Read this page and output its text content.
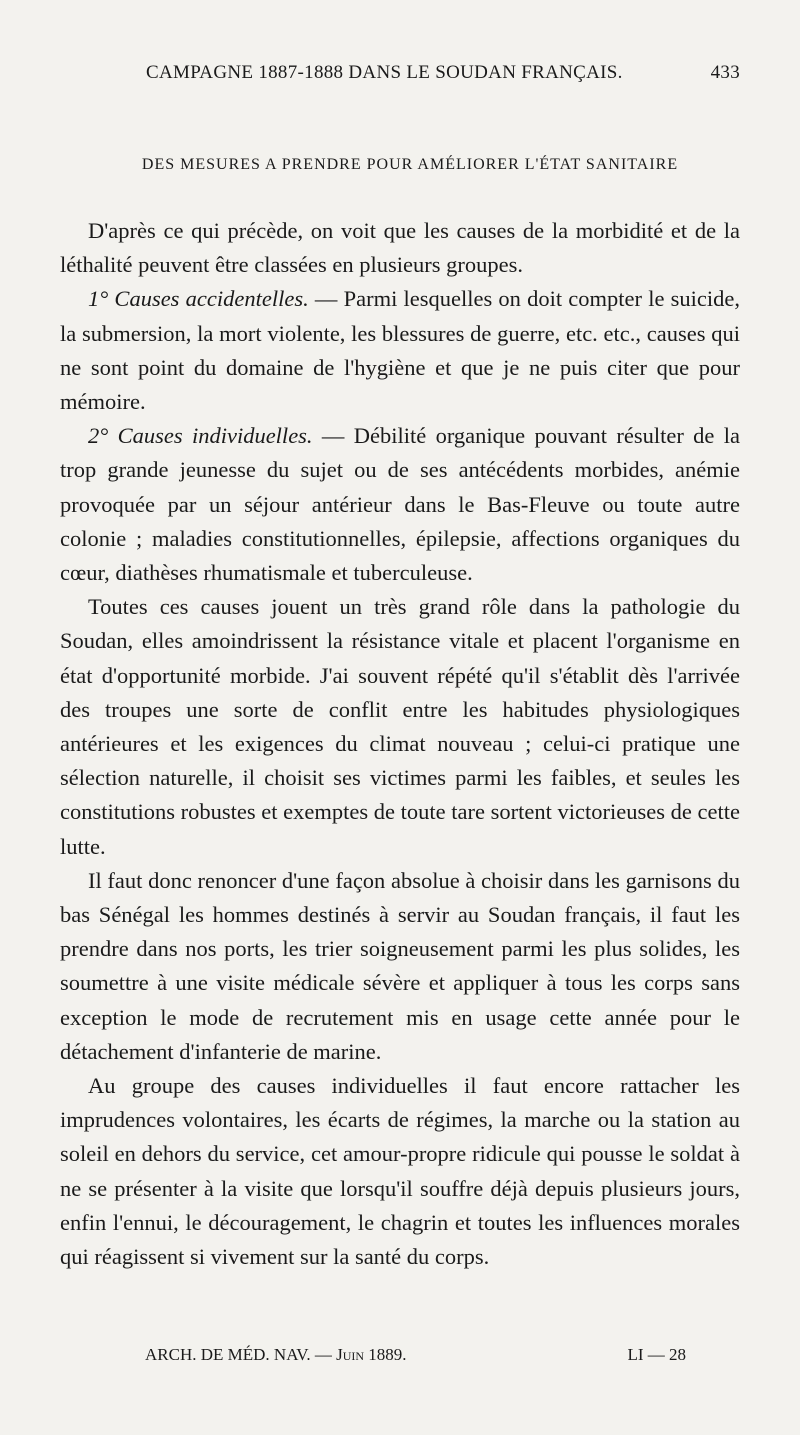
CAMPAGNE 1887-1888 DANS LE SOUDAN FRANÇAIS.	433
DES MESURES A PRENDRE POUR AMÉLIORER L'ÉTAT SANITAIRE

D'après ce qui précède, on voit que les causes de la morbidité et de la léthalité peuvent être classées en plusieurs groupes.

1° Causes accidentelles. — Parmi lesquelles on doit compter le suicide, la submersion, la mort violente, les blessures de guerre, etc. etc., causes qui ne sont point du domaine de l'hygiène et que je ne puis citer que pour mémoire.

2° Causes individuelles. — Débilité organique pouvant résulter de la trop grande jeunesse du sujet ou de ses antécédents morbides, anémie provoquée par un séjour antérieur dans le Bas-Fleuve ou toute autre colonie ; maladies constitutionnelles, épilepsie, affections organiques du cœur, diathèses rhumatismale et tuberculeuse.

Toutes ces causes jouent un très grand rôle dans la pathologie du Soudan, elles amoindrissent la résistance vitale et placent l'organisme en état d'opportunité morbide. J'ai souvent répété qu'il s'établit dès l'arrivée des troupes une sorte de conflit entre les habitudes physiologiques antérieures et les exigences du climat nouveau ; celui-ci pratique une sélection naturelle, il choisit ses victimes parmi les faibles, et seules les constitutions robustes et exemptes de toute tare sortent victorieuses de cette lutte.

Il faut donc renoncer d'une façon absolue à choisir dans les garnisons du bas Sénégal les hommes destinés à servir au Soudan français, il faut les prendre dans nos ports, les trier soigneusement parmi les plus solides, les soumettre à une visite médicale sévère et appliquer à tous les corps sans exception le mode de recrutement mis en usage cette année pour le détachement d'infanterie de marine.

Au groupe des causes individuelles il faut encore rattacher les imprudences volontaires, les écarts de régimes, la marche ou la station au soleil en dehors du service, cet amour-propre ridicule qui pousse le soldat à ne se présenter à la visite que lorsqu'il souffre déjà depuis plusieurs jours, enfin l'ennui, le découragement, le chagrin et toutes les influences morales qui réagissent si vivement sur la santé du corps.

ARCH. DE MÉD. NAV. — Juin 1889.	LI — 28
